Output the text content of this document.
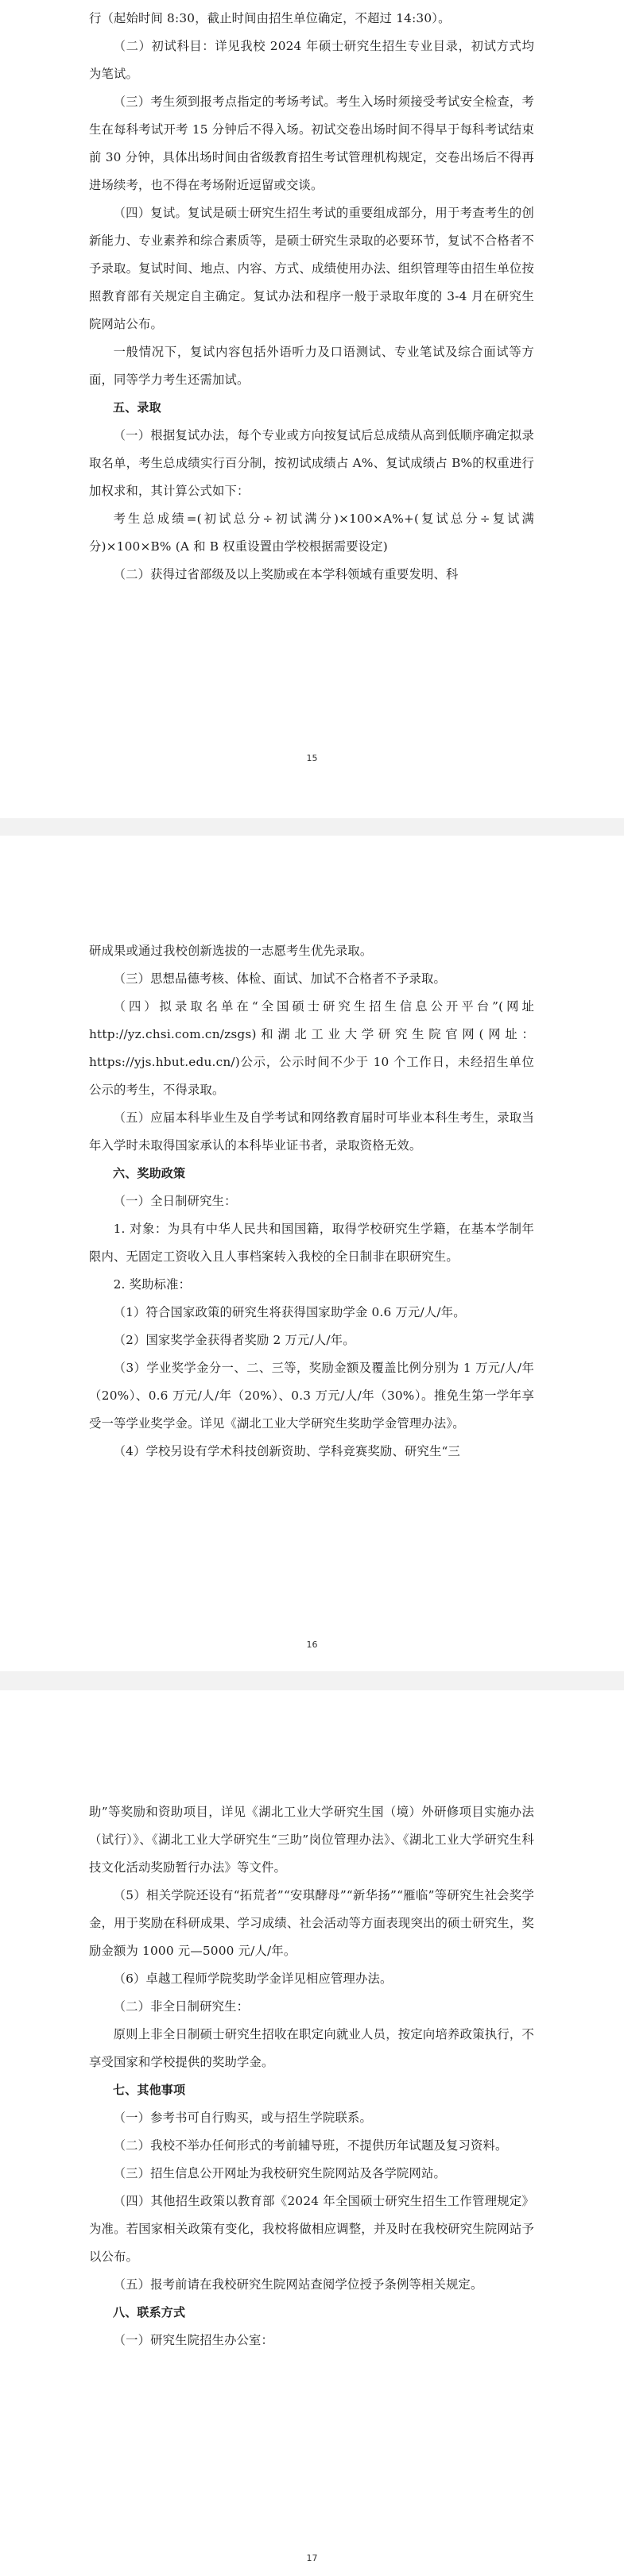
行（起始时间 8:30，截止时间由招生单位确定，不超过 14:30）。

（二）初试科目：详见我校 2024 年硕士研究生招生专业目录，初试方式均为笔试。

（三）考生须到报考点指定的考场考试。考生入场时须接受考试安全检查，考生在每科考试开考 15 分钟后不得入场。初试交卷出场时间不得早于每科考试结束前 30 分钟，具体出场时间由省级教育招生考试管理机构规定，交卷出场后不得再进场续考，也不得在考场附近逗留或交谈。

（四）复试。复试是硕士研究生招生考试的重要组成部分，用于考查考生的创新能力、专业素养和综合素质等，是硕士研究生录取的必要环节，复试不合格者不予录取。复试时间、地点、内容、方式、成绩使用办法、组织管理等由招生单位按照教育部有关规定自主确定。复试办法和程序一般于录取年度的 3-4 月在研究生院网站公布。

一般情况下，复试内容包括外语听力及口语测试、专业笔试及综合面试等方面，同等学力考生还需加试。

五、录取

（一）根据复试办法，每个专业或方向按复试后总成绩从高到低顺序确定拟录取名单，考生总成绩实行百分制，按初试成绩占 A%、复试成绩占 B%的权重进行加权求和，其计算公式如下：

考生总成绩=(初试总分÷初试满分)×100×A%+(复试总分÷复试满分)×100×B% (A 和 B 权重设置由学校根据需要设定)

（二）获得过省部级及以上奖励或在本学科领域有重要发明、科

15

研成果或通过我校创新选拔的一志愿考生优先录取。

（三）思想品德考核、体检、面试、加试不合格者不予录取。

（四）拟录取名单在“全国硕士研究生招生信息公开平台”(网址 http://yz.chsi.com.cn/zsgs)和湖北工业大学研究生院官网(网址：https://yjs.hbut.edu.cn/)公示，公示时间不少于 10 个工作日，未经招生单位公示的考生，不得录取。

（五）应届本科毕业生及自学考试和网络教育届时可毕业本科生考生，录取当年入学时未取得国家承认的本科毕业证书者，录取资格无效。

六、奖助政策

（一）全日制研究生：

1. 对象：为具有中华人民共和国国籍，取得学校研究生学籍，在基本学制年限内、无固定工资收入且人事档案转入我校的全日制非在职研究生。

2. 奖助标准：

（1）符合国家政策的研究生将获得国家助学金 0.6 万元/人/年。

（2）国家奖学金获得者奖励 2 万元/人/年。

（3）学业奖学金分一、二、三等，奖励金额及覆盖比例分别为 1 万元/人/年（20%）、0.6 万元/人/年（20%）、0.3 万元/人/年（30%）。推免生第一学年享受一等学业奖学金。详见《湖北工业大学研究生奖助学金管理办法》。

（4）学校另设有学术科技创新资助、学科竞赛奖励、研究生“三

16

助”等奖励和资助项目，详见《湖北工业大学研究生国（境）外研修项目实施办法（试行）》、《湖北工业大学研究生“三助”岗位管理办法》、《湖北工业大学研究生科技文化活动奖励暂行办法》等文件。

（5）相关学院还设有“拓荒者”“安琪酵母”“新华扬”“雁临”等研究生社会奖学金，用于奖励在科研成果、学习成绩、社会活动等方面表现突出的硕士研究生，奖励金额为 1000 元—5000 元/人/年。

（6）卓越工程师学院奖助学金详见相应管理办法。

（二）非全日制研究生：

原则上非全日制硕士研究生招收在职定向就业人员，按定向培养政策执行，不享受国家和学校提供的奖助学金。

七、其他事项

（一）参考书可自行购买，或与招生学院联系。

（二）我校不举办任何形式的考前辅导班，不提供历年试题及复习资料。

（三）招生信息公开网址为我校研究生院网站及各学院网站。

（四）其他招生政策以教育部《2024 年全国硕士研究生招生工作管理规定》为准。若国家相关政策有变化，我校将做相应调整，并及时在我校研究生院网站予以公布。

（五）报考前请在我校研究生院网站查阅学位授予条例等相关规定。

八、联系方式

（一）研究生院招生办公室：

17
